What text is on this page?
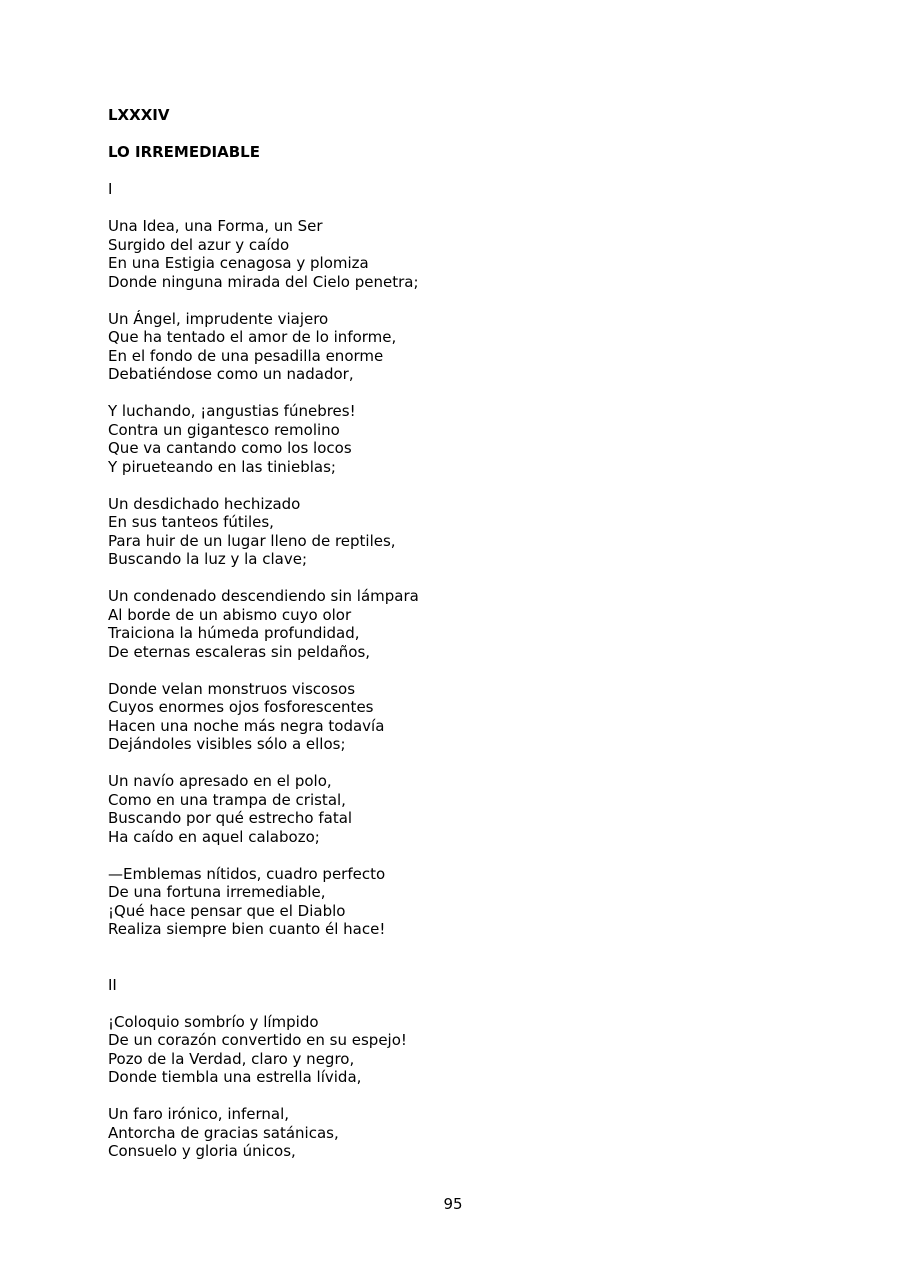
LXXXIV

LO IRREMEDIABLE

I

Una Idea, una Forma, un Ser
Surgido del azur y caído
En una Estigia cenagosa y plomiza
Donde ninguna mirada del Cielo penetra;
Un Ángel, imprudente viajero
Que ha tentado el amor de lo informe,
En el fondo de una pesadilla enorme
Debatiéndose como un nadador,
Y luchando, ¡angustias fúnebres!
Contra un gigantesco remolino
Que va cantando como los locos
Y pirueteando en las tinieblas;
Un desdichado hechizado
En sus tanteos fútiles,
Para huir de un lugar lleno de reptiles,
Buscando la luz y la clave;
Un condenado descendiendo sin lámpara
Al borde de un abismo cuyo olor
Traiciona la húmeda profundidad,
De eternas escaleras sin peldaños,
Donde velan monstruos viscosos
Cuyos enormes ojos fosforescentes
Hacen una noche más negra todavía
Dejándoles visibles sólo a ellos;
Un navío apresado en el polo,
Como en una trampa de cristal,
Buscando por qué estrecho fatal
Ha caído en aquel calabozo;
—Emblemas nítidos, cuadro perfecto
De una fortuna irremediable,
¡Qué hace pensar que el Diablo
Realiza siempre bien cuanto él hace!

II

¡Coloquio sombrío y límpido
De un corazón convertido en su espejo!
Pozo de la Verdad, claro y negro,
Donde tiembla una estrella lívida,
Un faro irónico, infernal,
Antorcha de gracias satánicas,
Consuelo y gloria únicos,
95
